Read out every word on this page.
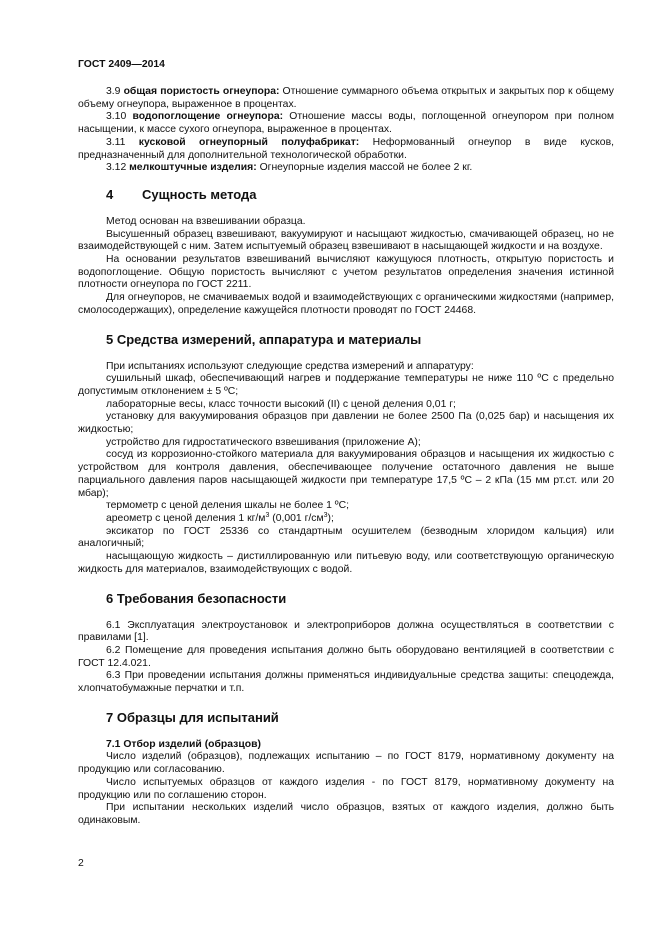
ГОСТ 2409—2014

3.9 общая пористость огнеупора: Отношение суммарного объема открытых и закрытых пор к общему объему огнеупора, выраженное в процентах.

3.10 водопоглощение огнеупора: Отношение массы воды, поглощенной огнеупором при полном насыщении, к массе сухого огнеупора, выраженное в процентах.

3.11 кусковой огнеупорный полуфабрикат: Неформованный огнеупор в виде кусков, предназначенный для дополнительной технологической обработки.

3.12 мелкоштучные изделия: Огнеупорные изделия массой не более 2 кг.

4 Сущность метода

Метод основан на взвешивании образца.

Высушенный образец взвешивают, вакуумируют и насыщают жидкостью, смачивающей образец, но не взаимодействующей с ним. Затем испытуемый образец взвешивают в насыщающей жидкости и на воздухе.

На основании результатов взвешиваний вычисляют кажущуюся плотность, открытую пористость и водопоглощение. Общую пористость вычисляют с учетом результатов определения значения истинной плотности огнеупора по ГОСТ 2211.

Для огнеупоров, не смачиваемых водой и взаимодействующих с органическими жидкостями (например, смолосодержащих), определение кажущейся плотности проводят по ГОСТ 24468.

5 Средства измерений, аппаратура и материалы

При испытаниях используют следующие средства измерений и аппаратуру:

сушильный шкаф, обеспечивающий нагрев и поддержание температуры не ниже 110 ºС с предельно допустимым отклонением ± 5 ºС;

лабораторные весы, класс точности высокий (II) с ценой деления 0,01 г;

установку для вакуумирования образцов при давлении не более 2500 Па (0,025 бар) и насыщения их жидкостью;

устройство для гидростатического взвешивания (приложение А);

сосуд из коррозионно-стойкого материала для вакуумирования образцов и насыщения их жидкостью с устройством для контроля давления, обеспечивающее получение остаточного давления не выше парциального давления паров насыщающей жидкости при температуре 17,5 ºС – 2 кПа (15 мм рт.ст. или 20 мбар);

термометр с ценой деления шкалы не более 1 ºС;

ареометр с ценой деления 1 $кг/м^3$ (0,001 $г/см^3$);

эксикатор по ГОСТ 25336 со стандартным осушителем (безводным хлоридом кальция) или аналогичный;

насыщающую жидкость – дистиллированную или питьевую воду, или соответствующую органическую жидкость для материалов, взаимодействующих с водой.

6 Требования безопасности

6.1 Эксплуатация электроустановок и электроприборов должна осуществляться в соответствии с правилами [1].

6.2 Помещение для проведения испытания должно быть оборудовано вентиляцией в соответствии с ГОСТ 12.4.021.

6.3 При проведении испытания должны применяться индивидуальные средства защиты: спецодежда, хлопчатобумажные перчатки и т.п.

7 Образцы для испытаний
7.1 Отбор изделий (образцов)

Число изделий (образцов), подлежащих испытанию – по ГОСТ 8179, нормативному документу на продукцию или согласованию.

Число испытуемых образцов от каждого изделия - по ГОСТ 8179, нормативному документу на продукцию или по соглашению сторон.

При испытании нескольких изделий число образцов, взятых от каждого изделия, должно быть одинаковым.

2
